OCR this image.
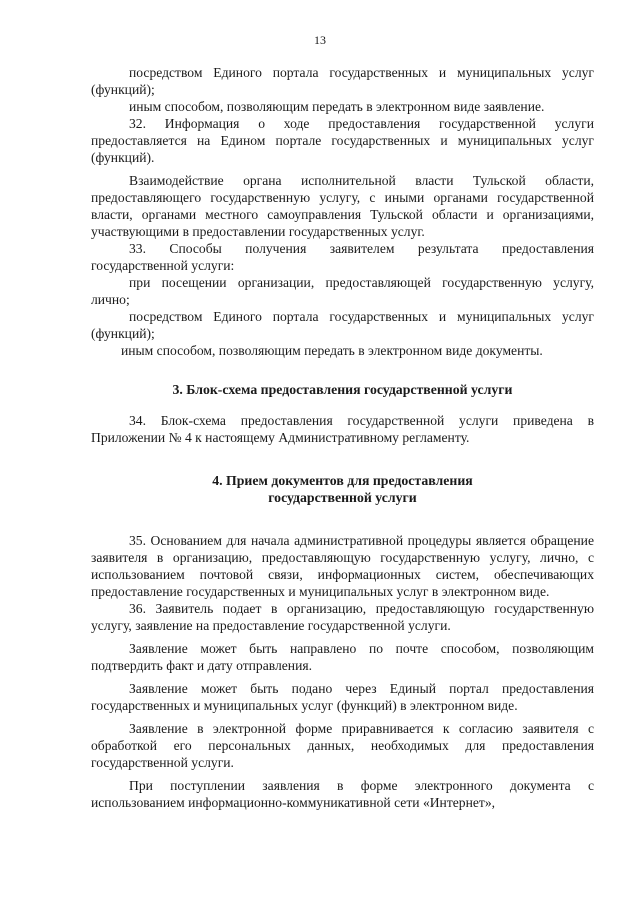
13

посредством Единого портала государственных и муниципальных услуг (функций);

иным способом, позволяющим передать в электронном виде заявление.

32. Информация о ходе предоставления государственной услуги предоставляется на Едином портале государственных и муниципальных услуг (функций).

Взаимодействие органа исполнительной власти Тульской области, предоставляющего государственную услугу, с иными органами государственной власти, органами местного самоуправления Тульской области и организациями, участвующими в предоставлении государственных услуг.

33. Способы получения заявителем результата предоставления государственной услуги:

при посещении организации, предоставляющей государственную услугу, лично;

посредством Единого портала государственных и муниципальных услуг (функций);

иным способом, позволяющим передать в электронном виде документы.

3. Блок-схема предоставления государственной услуги

34. Блок-схема предоставления государственной услуги приведена в Приложении № 4 к настоящему Административному регламенту.

4. Прием документов для предоставления государственной услуги

35. Основанием для начала административной процедуры является обращение заявителя в организацию, предоставляющую государственную услугу, лично, с использованием почтовой связи, информационных систем, обеспечивающих предоставление государственных и муниципальных услуг в электронном виде.

36. Заявитель подает в организацию, предоставляющую государственную услугу, заявление на предоставление государственной услуги.

Заявление может быть направлено по почте способом, позволяющим подтвердить факт и дату отправления.

Заявление может быть подано через Единый портал предоставления государственных и муниципальных услуг (функций) в электронном виде.

Заявление в электронной форме приравнивается к согласию заявителя с обработкой его персональных данных, необходимых для предоставления государственной услуги.

При поступлении заявления в форме электронного документа с использованием информационно-коммуникативной сети «Интернет»,
